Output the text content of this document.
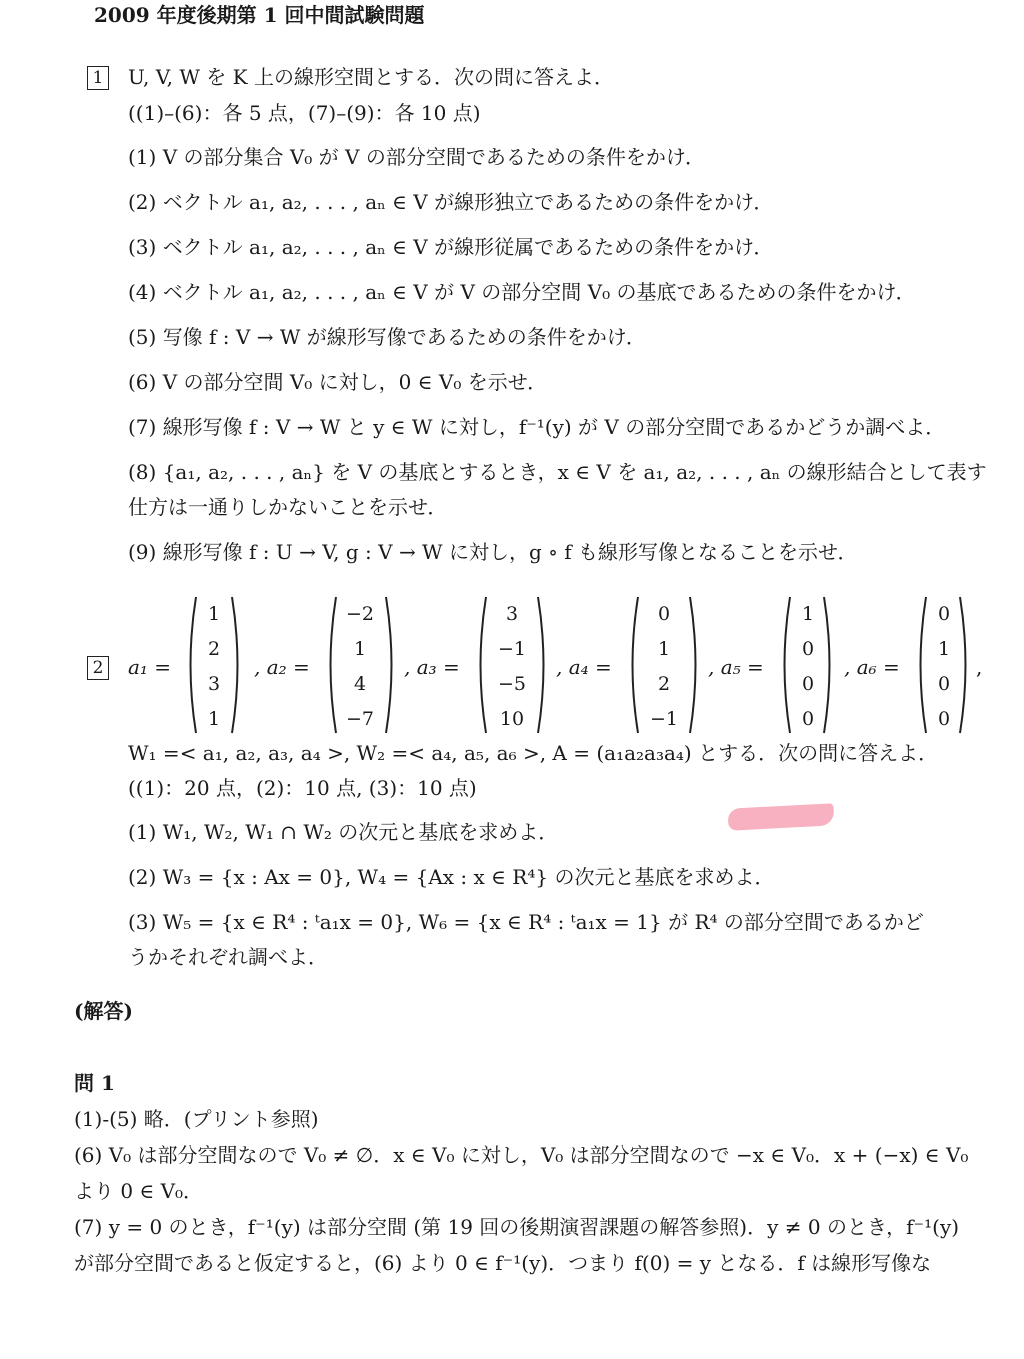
2009 年度後期第 1 回中間試験問題
1 U, V, W を K 上の線形空間とする．次の問に答えよ．
((1)–(6)：各 5 点，(7)–(9)：各 10 点)
(1) V の部分集合 V₀ が V の部分空間であるための条件をかけ．
(2) ベクトル a₁, a₂, . . . , aₙ ∈ V が線形独立であるための条件をかけ．
(3) ベクトル a₁, a₂, . . . , aₙ ∈ V が線形従属であるための条件をかけ．
(4) ベクトル a₁, a₂, . . . , aₙ ∈ V が V の部分空間 V₀ の基底であるための条件をかけ．
(5) 写像 f : V → W が線形写像であるための条件をかけ．
(6) V の部分空間 V₀ に対し，0 ∈ V₀ を示せ．
(7) 線形写像 f : V → W と y ∈ W に対し，f⁻¹(y) が V の部分空間であるかどうか調べよ．
(8) {a₁, a₂, . . . , aₙ} を V の基底とするとき，x ∈ V を a₁, a₂, . . . , aₙ の線形結合として表す
仕方は一通りしかないことを示せ．
(9) 線形写像 f : U → V, g : V → W に対し，g ∘ f も線形写像となることを示せ．
2 a₁ =
1
2
3
1
, a₂ =
−2
1
4
−7
, a₃ =
3
−1
−5
10
, a₄ =
0
1
2
−1
, a₅ =
1
0
0
0
, a₆ =
0
1
0
0
,
W₁ =< a₁, a₂, a₃, a₄ >, W₂ =< a₄, a₅, a₆ >, A = (a₁a₂a₃a₄) とする．次の問に答えよ．
((1)：20 点，(2)：10 点, (3)：10 点)
(1) W₁, W₂, W₁ ∩ W₂ の次元と基底を求めよ．
(2) W₃ = {x : Ax = 0}, W₄ = {Ax : x ∈ R⁴} の次元と基底を求めよ．
(3) W₅ = {x ∈ R⁴ : ᵗa₁x = 0}, W₆ = {x ∈ R⁴ : ᵗa₁x = 1} が R⁴ の部分空間であるかど
うかそれぞれ調べよ．
(解答)
問 1
(1)-(5) 略．(プリント参照)
(6) V₀ は部分空間なので V₀ ≠ ∅．x ∈ V₀ に対し，V₀ は部分空間なので −x ∈ V₀．x + (−x) ∈ V₀
より 0 ∈ V₀．
(7) y = 0 のとき，f⁻¹(y) は部分空間 (第 19 回の後期演習課題の解答参照)．y ≠ 0 のとき，f⁻¹(y)
が部分空間であると仮定すると，(6) より 0 ∈ f⁻¹(y)．つまり f(0) = y となる．f は線形写像な
